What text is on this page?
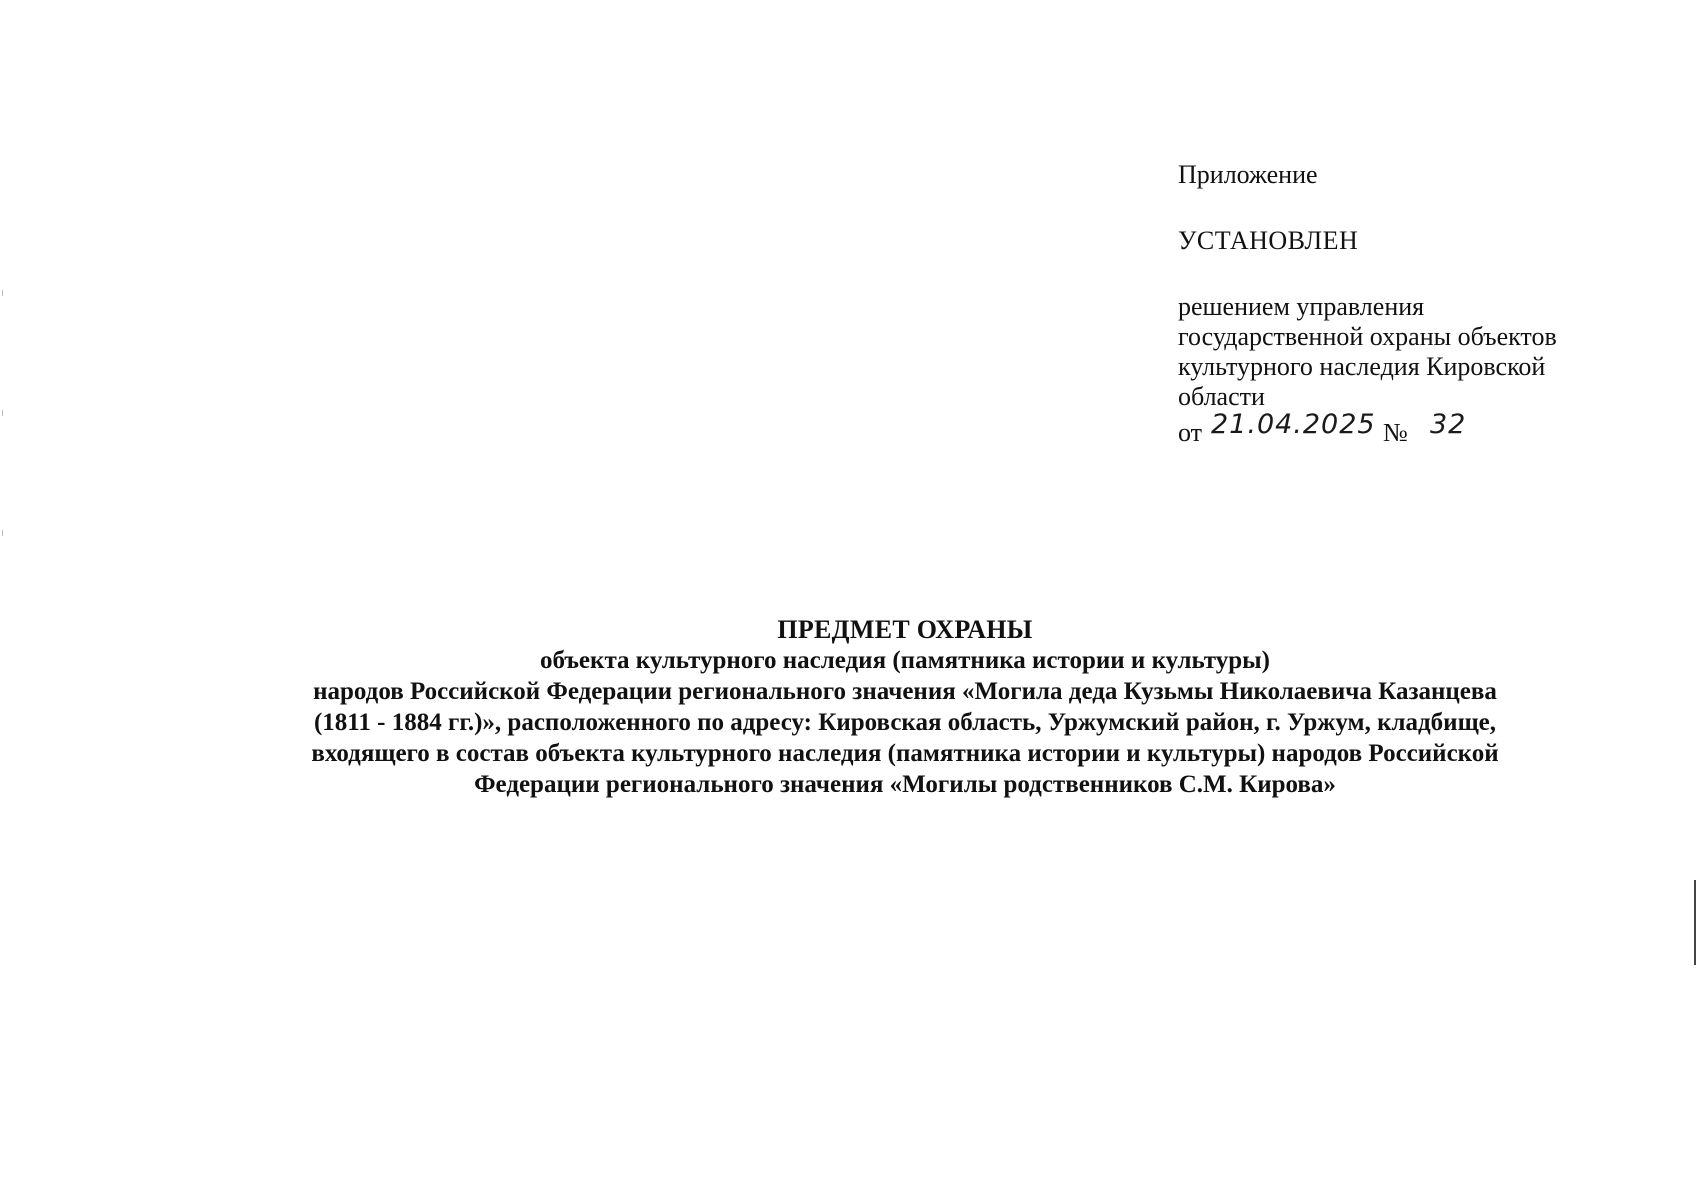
Приложение
УСТАНОВЛЕН
решением управления
государственной охраны объектов
культурного наследия Кировской
области
от 21.04.2025 № 32
ПРЕДМЕТ ОХРАНЫ
объекта культурного наследия (памятника истории и культуры)
народов Российской Федерации регионального значения «Могила деда Кузьмы Николаевича Казанцева
(1811 - 1884 гг.)», расположенного по адресу: Кировская область, Уржумский район, г. Уржум, кладбище,
входящего в состав объекта культурного наследия (памятника истории и культуры) народов Российской
Федерации регионального значения «Могилы родственников С.М. Кирова»
